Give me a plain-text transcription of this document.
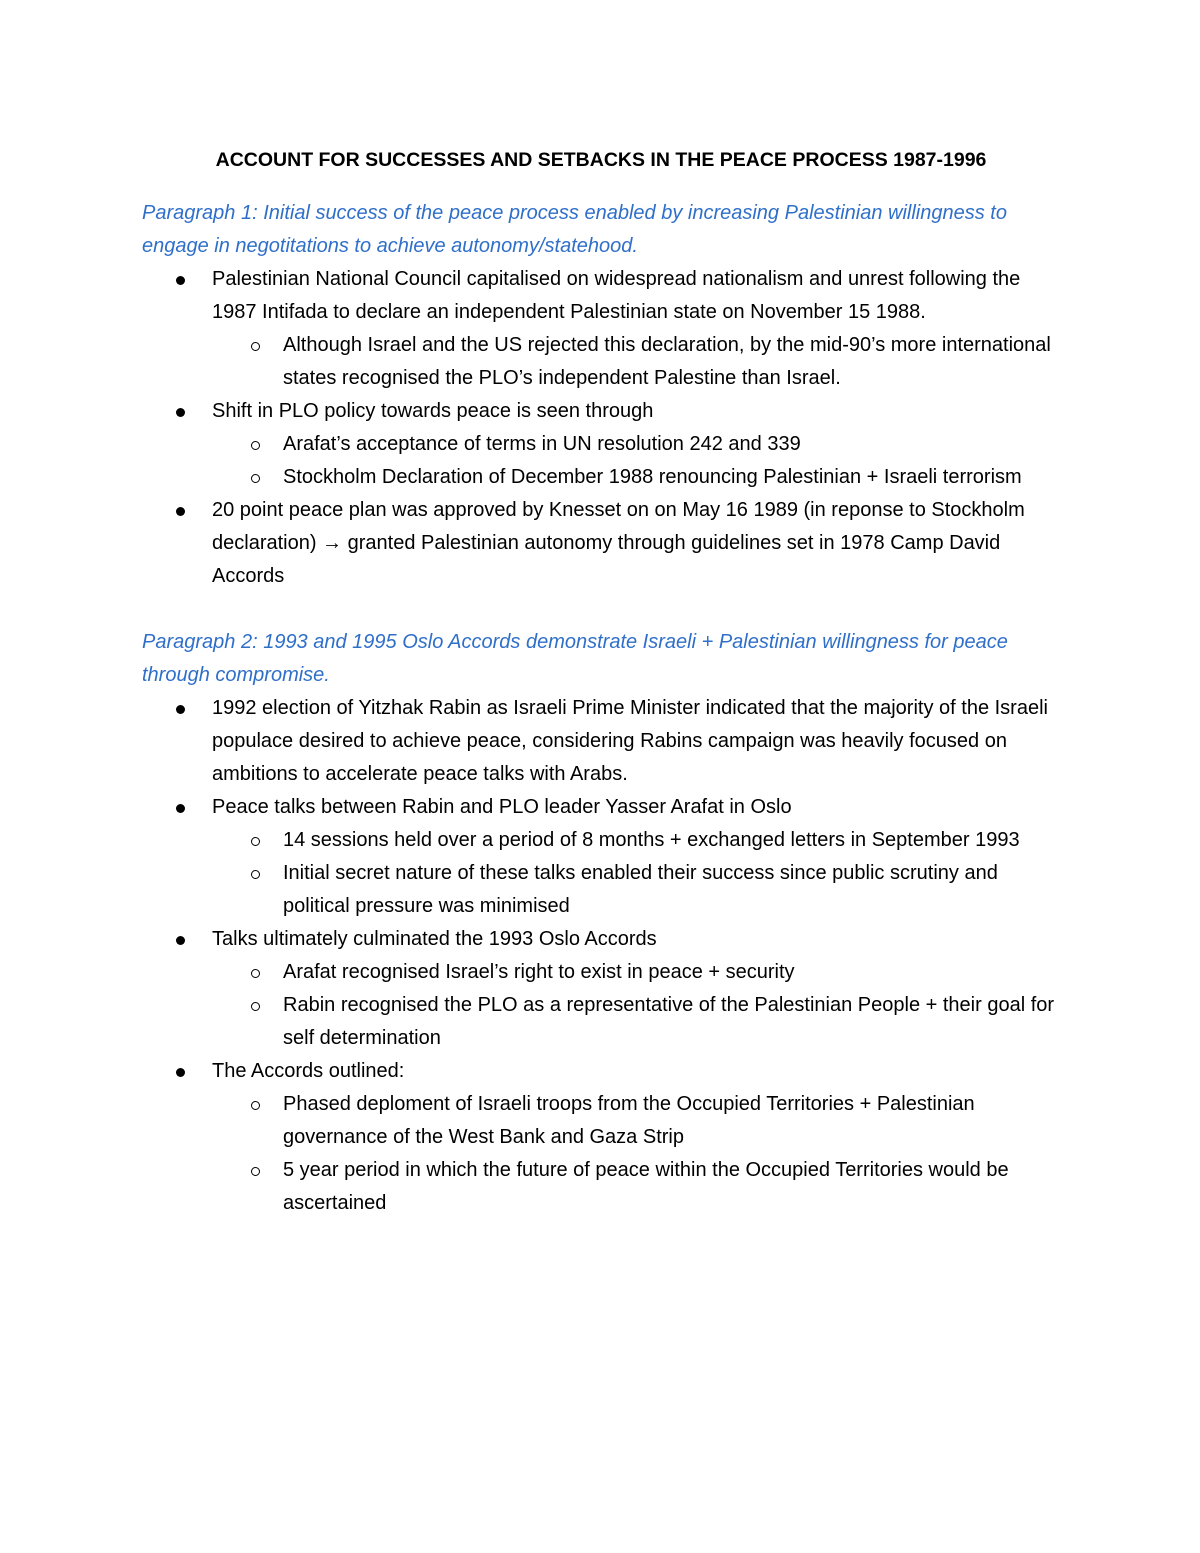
ACCOUNT FOR SUCCESSES AND SETBACKS IN THE PEACE PROCESS 1987-1996

Paragraph 1: Initial success of the peace process enabled by increasing Palestinian willingness to engage in negotitations to achieve autonomy/statehood.

Palestinian National Council capitalised on widespread nationalism and unrest following the 1987 Intifada to declare an independent Palestinian state on November 15 1988.
Although Israel and the US rejected this declaration, by the mid-90’s more international states recognised the PLO’s independent Palestine than Israel.
Shift in PLO policy towards peace is seen through
Arafat’s acceptance of terms in UN resolution 242 and 339
Stockholm Declaration of December 1988 renouncing Palestinian + Israeli terrorism
20 point peace plan was approved by Knesset on on May 16 1989 (in reponse to Stockholm declaration) → granted Palestinian autonomy through guidelines set in 1978 Camp David Accords

Paragraph 2: 1993 and 1995 Oslo Accords demonstrate Israeli + Palestinian willingness for peace through compromise.

1992 election of Yitzhak Rabin as Israeli Prime Minister indicated that the majority of the Israeli populace desired to achieve peace, considering Rabins campaign was heavily focused on ambitions to accelerate peace talks with Arabs.
Peace talks between Rabin and PLO leader Yasser Arafat in Oslo
14 sessions held over a period of 8 months + exchanged letters in September 1993
Initial secret nature of these talks enabled their success since public scrutiny and political pressure was minimised
Talks ultimately culminated the 1993 Oslo Accords
Arafat recognised Israel’s right to exist in peace + security
Rabin recognised the PLO as a representative of the Palestinian People + their goal for self determination
The Accords outlined:
Phased deploment of Israeli troops from the Occupied Territories + Palestinian governance of the West Bank and Gaza Strip
5 year period in which the future of peace within the Occupied Territories would be ascertained
